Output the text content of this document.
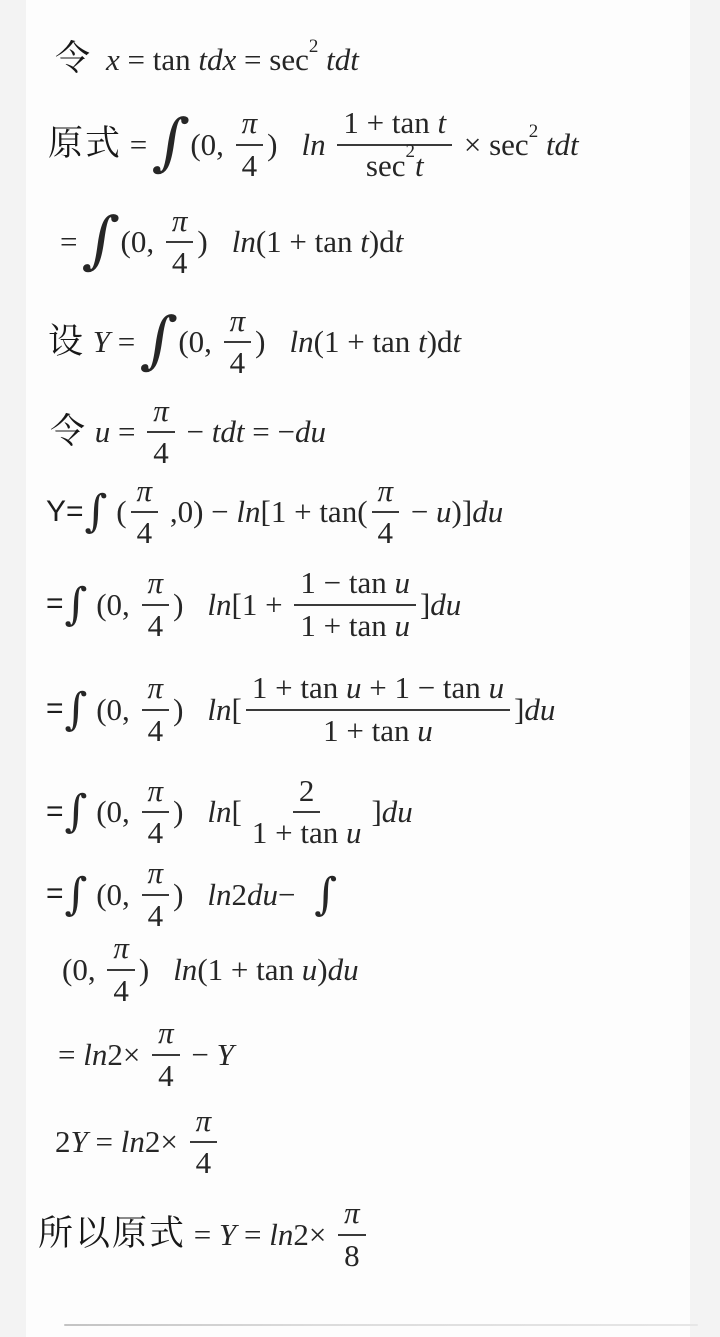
令 x = tan tdx = sec 2 tdt
原式 =
∫
(0, $\frac{\pi}{4}$ ) $\ln \frac{\text{1 + tan t}}{\sec 2 t} \times \sec 2$ tdt
=
∫
(0, $\frac{\pi}{4}$ ) ln (1 + tan t )d t
设
Y =
∫
(0, $\frac{\pi}{4}$ ) ln (1 + tan t )d t
令
$u = \frac{\pi}{4}$ − tdt = − du
Y= ∫ ( $\frac{\pi}{4} ,0) - \ln [1 + \tan( \frac{\pi}{4} - u$ )] du
= ∫ (0, $\frac{\pi}{4}$ ) $\ln [1 + \frac{\text{1 − tan u}}{\text{1 + tan u}}$ ] du
= ∫ (0, $\frac{\pi}{4}$ ) ln [ $\frac{\text{1 + tan u + 1 − tan u}}{\text{1 + tan u}}$ ] du
= ∫ (0, $\frac{\pi}{4}$ ) ln [ $\frac{2}{\text{1 + tan u}}$ ] du
= ∫ (0, $\frac{\pi}{4}$ ) ln 2 du − ∫
(0, $\frac{\pi}{4}$ ) ln (1 + tan u ) du
= $\ln 2\times \frac{\pi}{4} - Y$
2 $Y = \ln 2\times \frac{\pi}{4}$
所以原式 = $Y = \ln 2\times \frac{\pi}{8}$
